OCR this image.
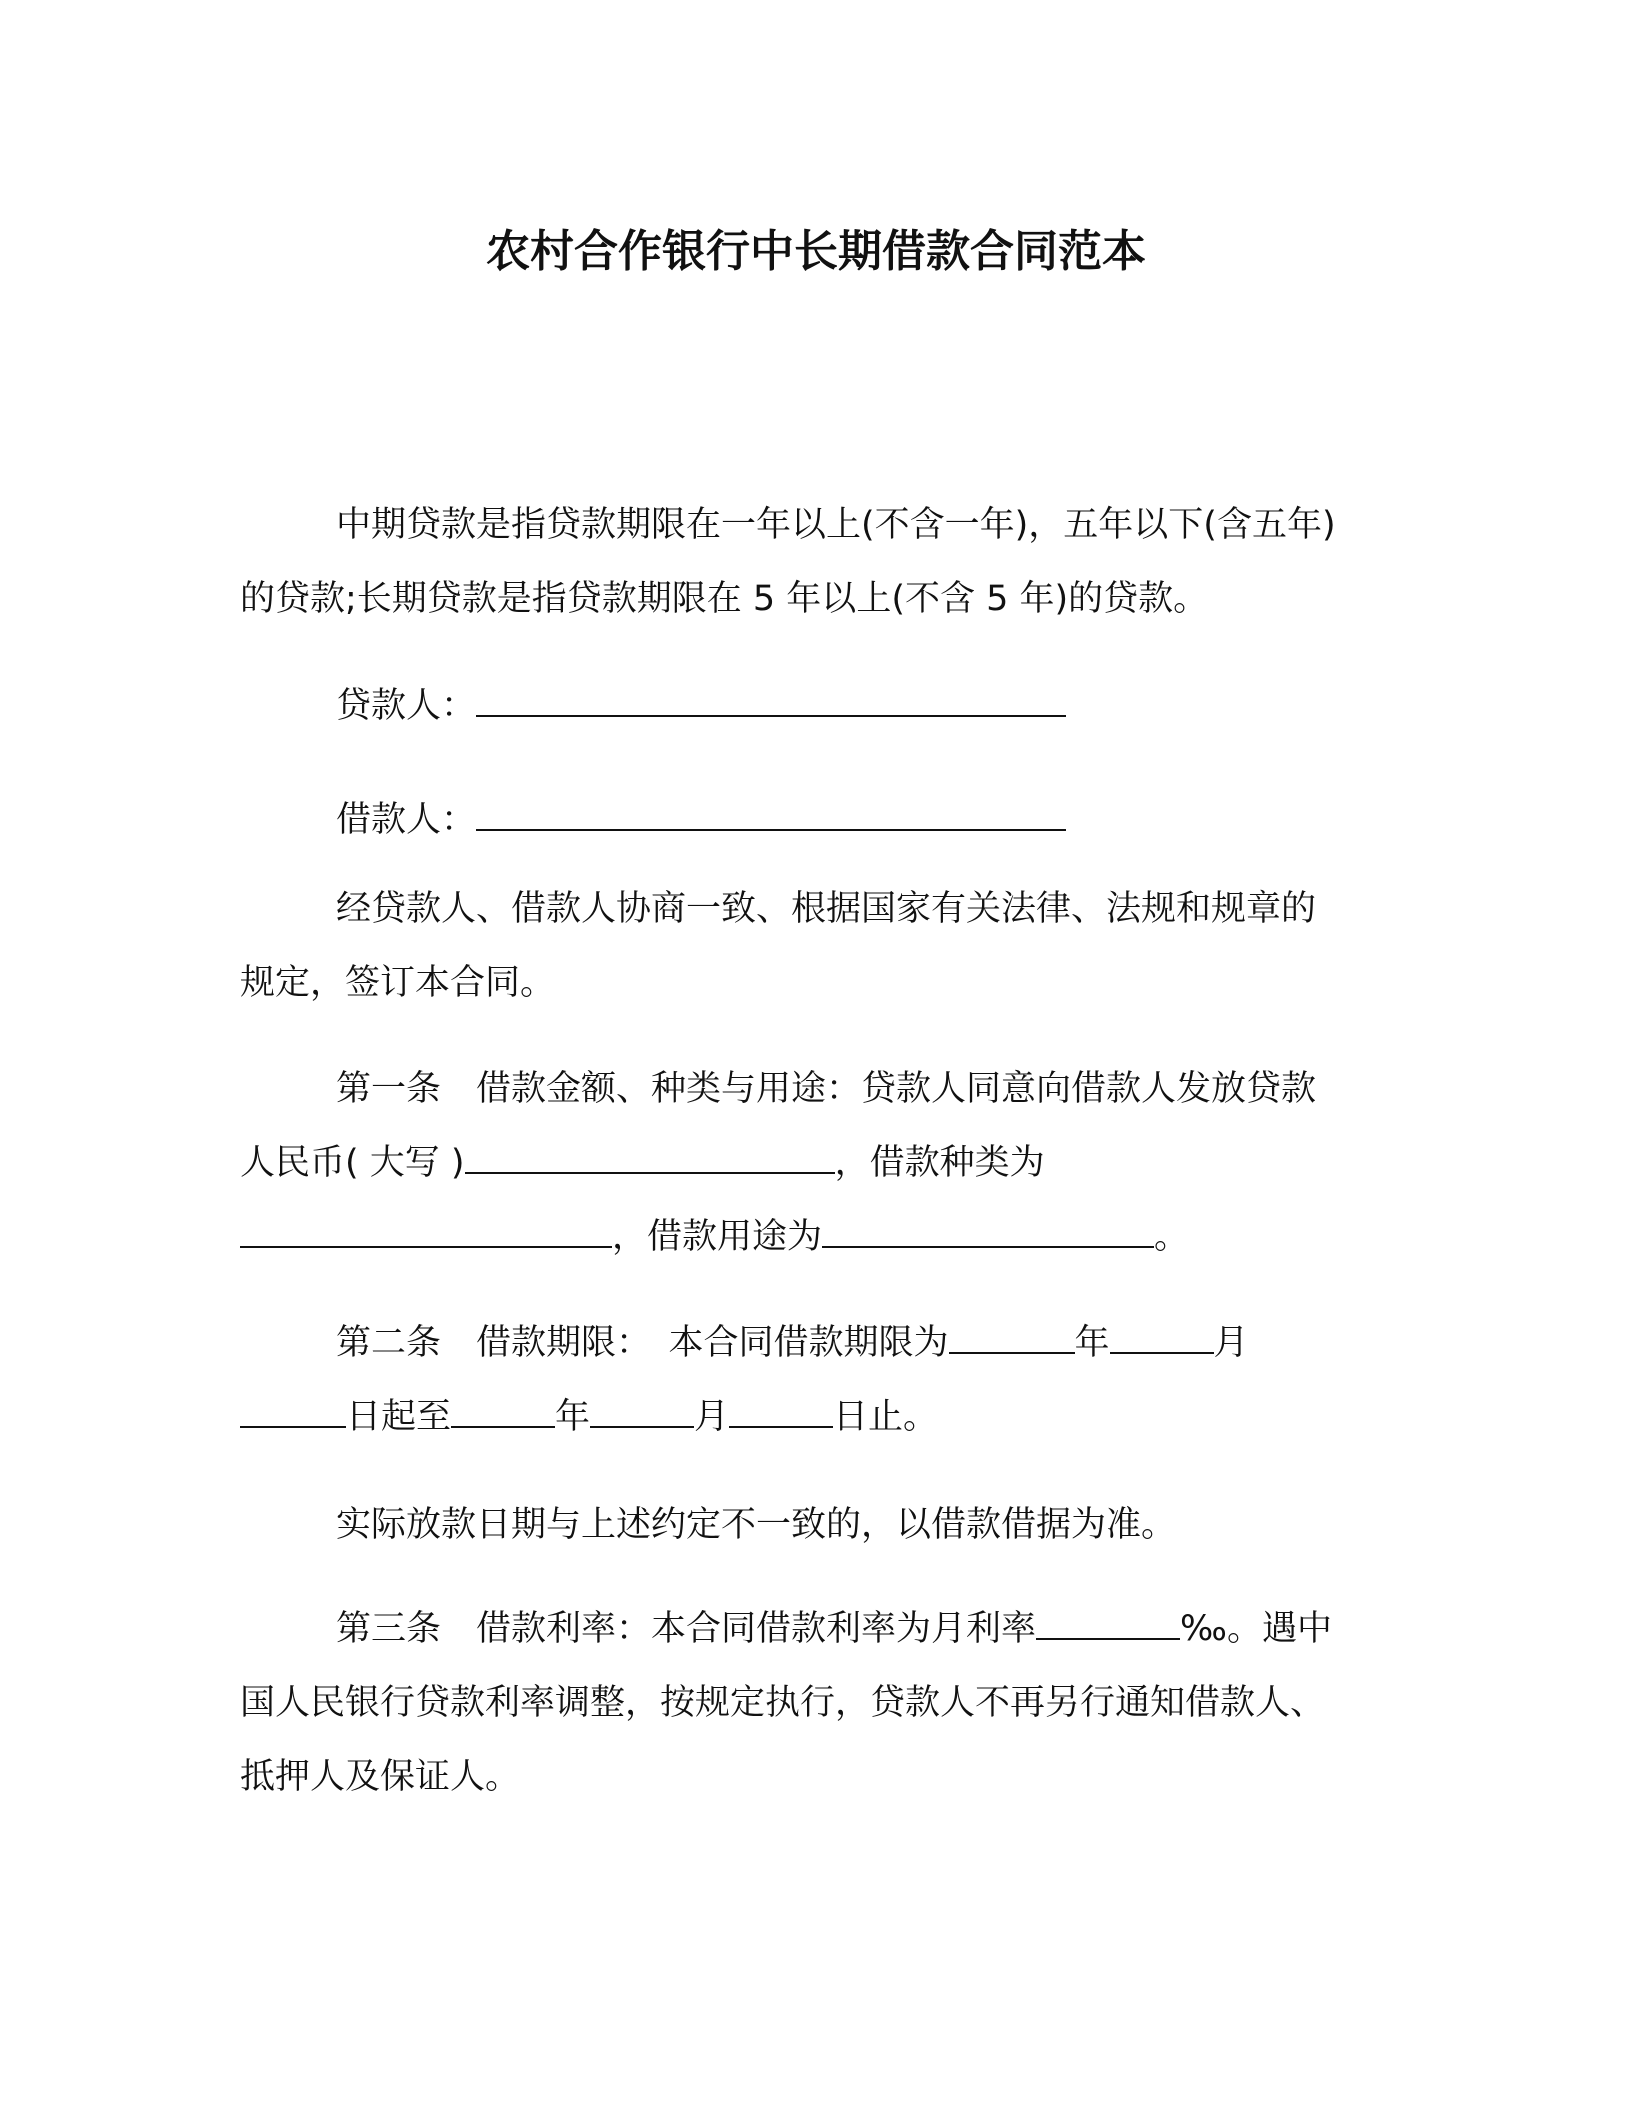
农村合作银行中长期借款合同范本
中期贷款是指贷款期限在一年以上(不含一年)，五年以下(含五年)
的贷款;长期贷款是指贷款期限在 5 年以上(不含 5 年)的贷款。
贷款人：
借款人：
经贷款人、借款人协商一致、根据国家有关法律、法规和规章的
规定，签订本合同。
第一条　借款金额、种类与用途：贷款人同意向借款人发放贷款
人民币( 大写 )	，借款种类为
，借款用途为	。
第二条　借款期限：　本合同借款期限为	年	月
日起至	年	月	日止。
实际放款日期与上述约定不一致的，以借款借据为准。
第三条　借款利率：本合同借款利率为月利率	‰。遇中
国人民银行贷款利率调整，按规定执行，贷款人不再另行通知借款人、
抵押人及保证人。
